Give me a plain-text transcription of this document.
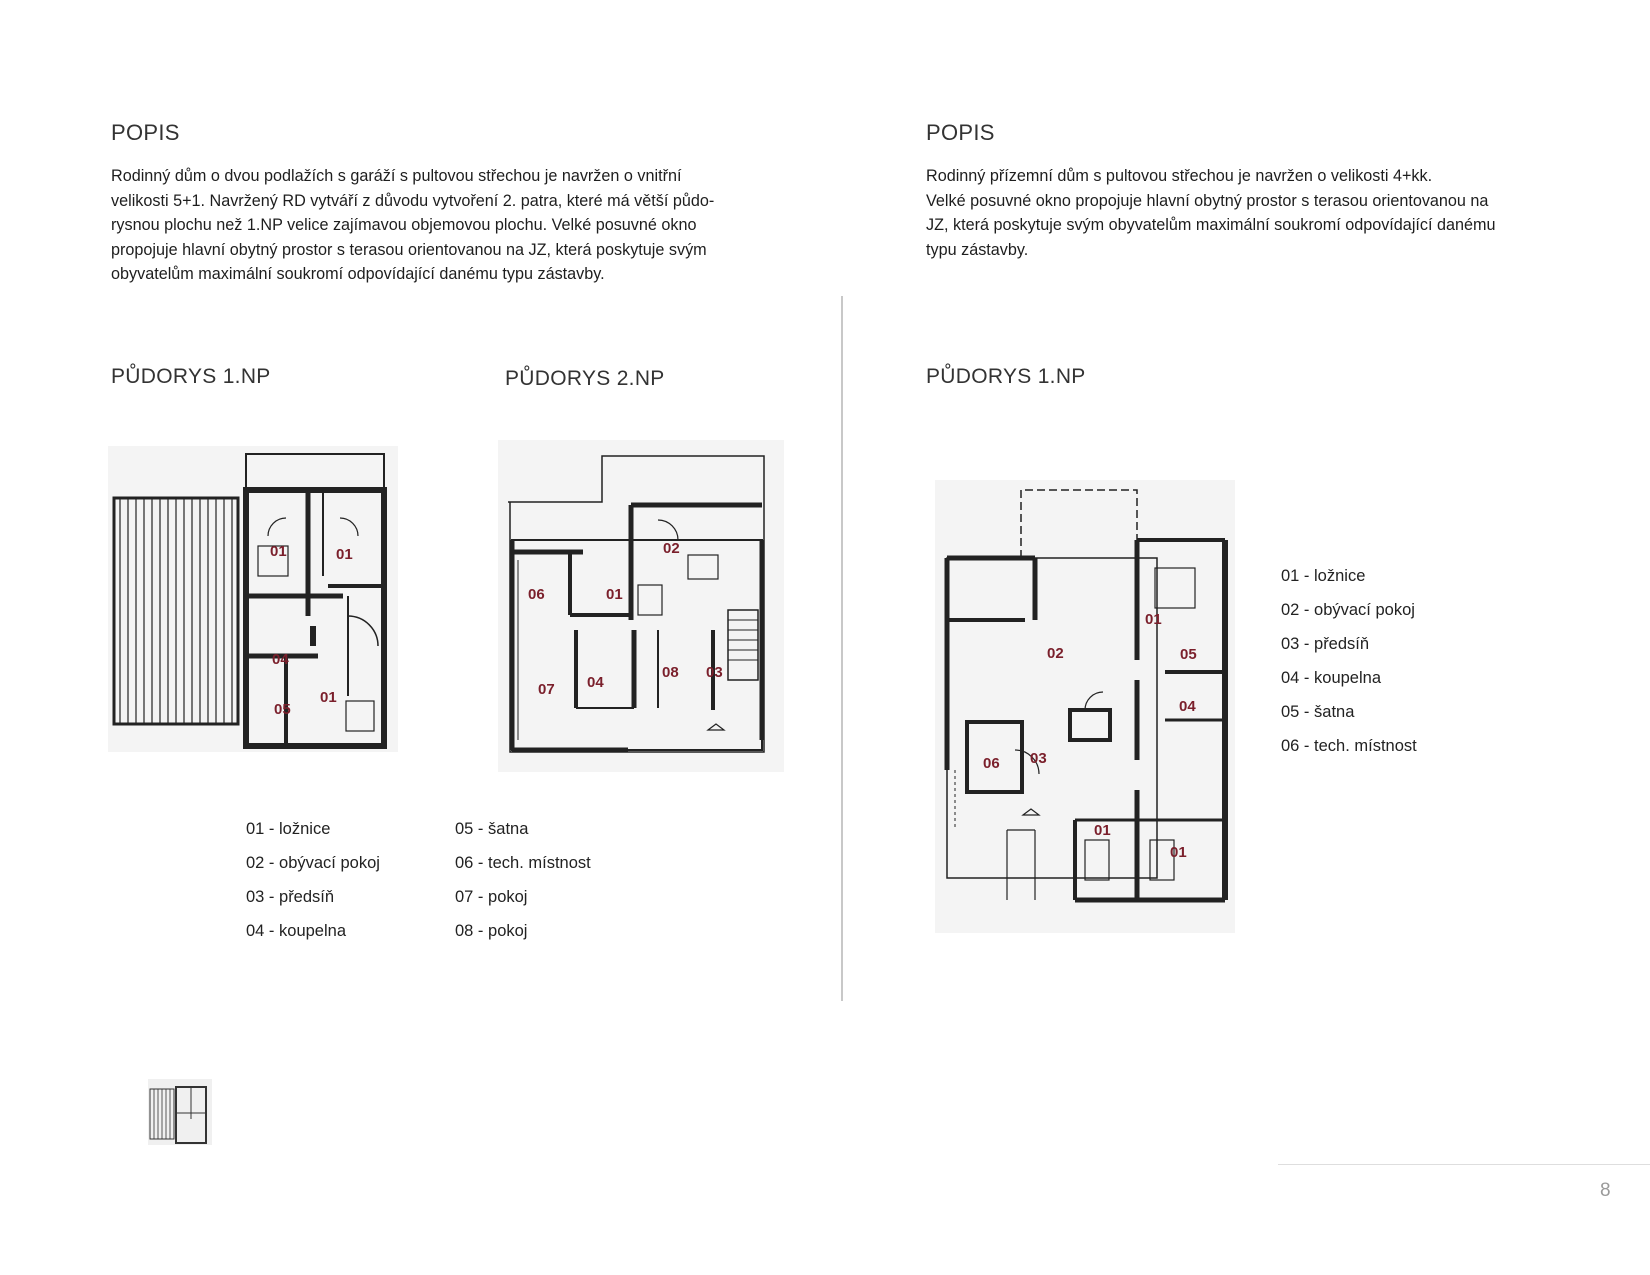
POPIS

Rodinný dům o dvou podlažích s garáží s pultovou střechou je navržen o vnitřní

velikosti 5+1. Navržený RD vytváří z důvodu vytvoření 2. patra, které má větší půdo-

rysnou plochu než 1.NP velice zajímavou objemovou plochu. Velké posuvné okno

propojuje hlavní obytný prostor s terasou orientovanou na JZ, která poskytuje svým

obyvatelům maximální soukromí odpovídající danému typu zástavby.

POPIS

Rodinný přízemní dům s pultovou střechou je navržen o velikosti 4+kk.

Velké posuvné okno propojuje hlavní obytný prostor s terasou orientovanou na

JZ, která poskytuje svým obyvatelům maximální soukromí odpovídající danému

typu zástavby.

PŮDORYS 1.NP	PŮDORYS 2.NP	PŮDORYS 1.NP
01	01
04
05
01
02
06	01
07 04
08 03
01 - ložnice
02 - obývací pokoj
03 - předsíň
04 - koupelna
05 - šatna
06 - tech. místnost
07 - pokoj
08 - pokoj
01
02	05
04
06 03
01
01
01 - ložnice
02 - obývací pokoj
03 - předsíň
04 - koupelna
05 - šatna
06 - tech. místnost
8
